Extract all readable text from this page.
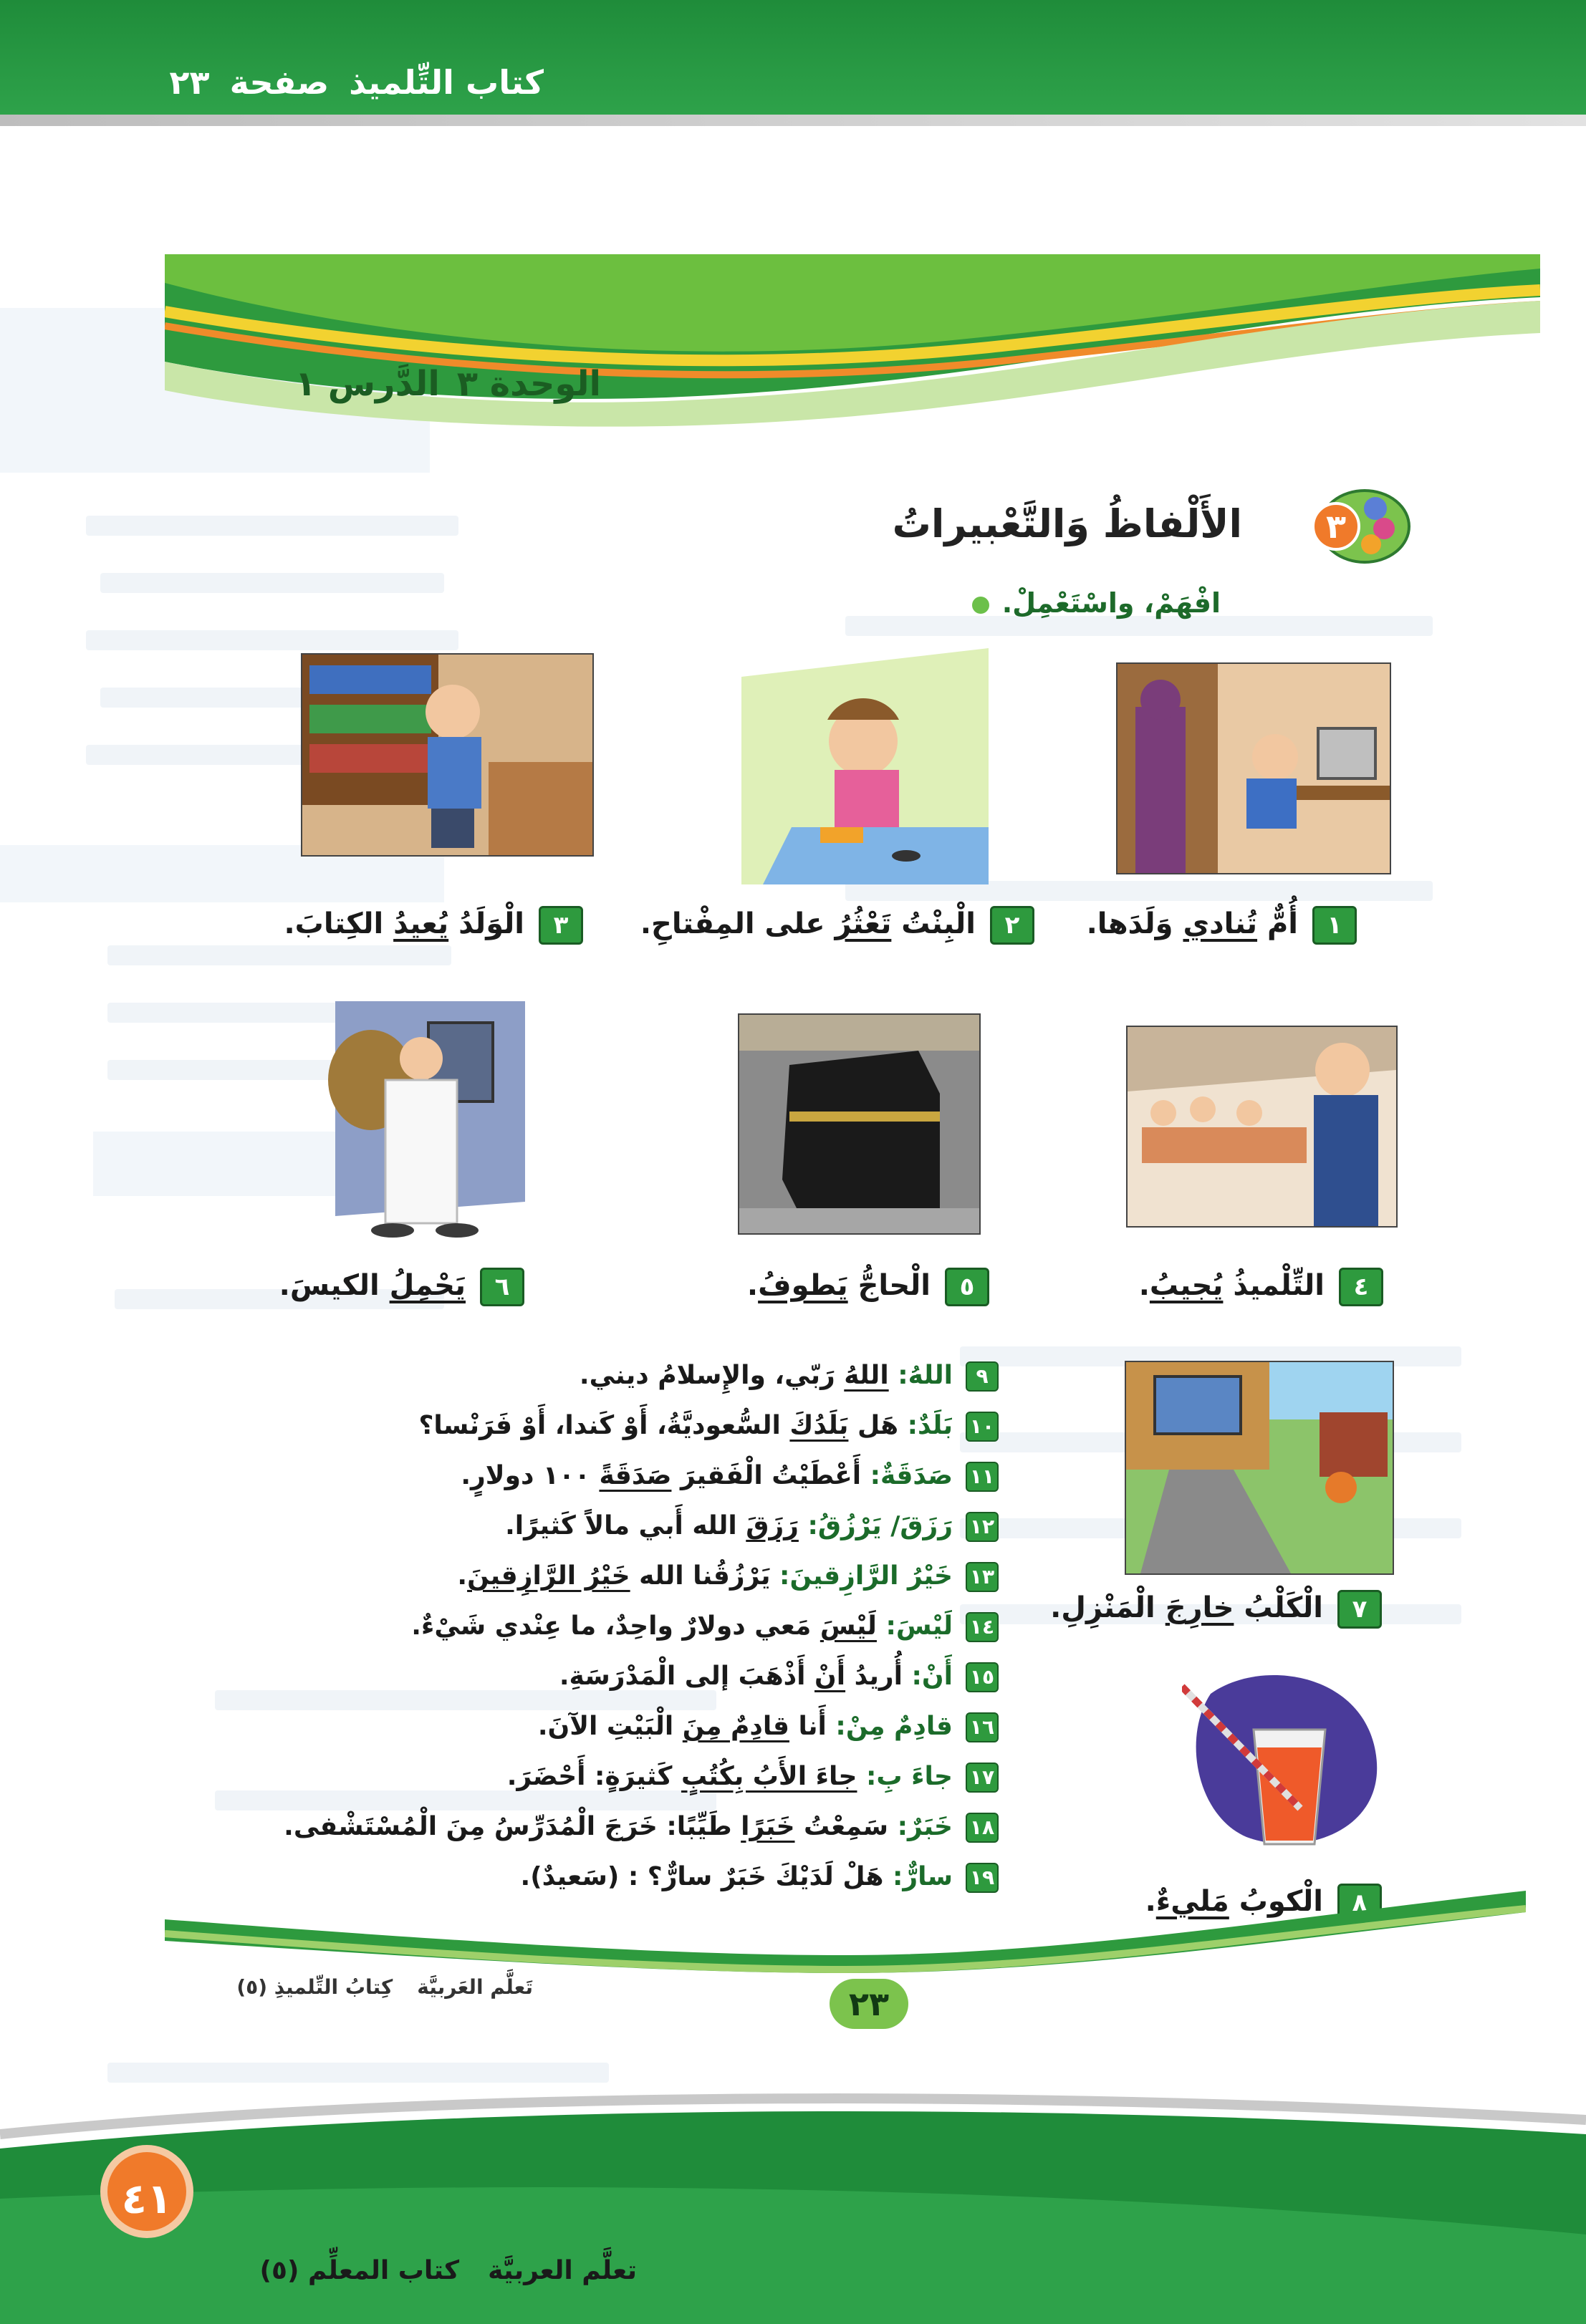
كتاب التِّلميذصفحة٢٣
الوحدة ٣الدَّرس ١
٣
الأَلْفاظُ وَالتَّعْبيراتُ
افْهَمْ، واسْتَعْمِلْ.
١أُمٌّ تُنادي وَلَدَها.
٢الْبِنْتُ تَعْثُرُ على المِفْتاحِ.
٣الْوَلَدُ يُعيدُ الكِتابَ.
٤التِّلْميذُ يُجيبُ.
٥الْحاجُّ يَطوفُ.
٦يَحْمِلُ الكيسَ.
٧الْكَلْبُ خارِجَ الْمَنْزِلِ.
٨الْكوبُ مَليءٌ.
٩اللهُ: اللهُ رَبّي، والإِسلامُ ديني.
١٠بَلَدٌ: هَل بَلَدُكَ السُّعوديَّةُ، أَوْ كَندا، أَوْ فَرَنْسا؟
١١صَدَقَةٌ: أَعْطَيْتُ الْفَقيرَ صَدَقَةً ١٠٠ دولارٍ.
١٢رَزَقَ/ يَرْزُقُ: رَزَقَ الله أَبي مالاً كَثيرًا.
١٣خَيْرُ الرَّازِقينَ: يَرْزُقُنا الله خَيْرُ الرَّازِقينَ.
١٤لَيْسَ: لَيْسَ مَعي دولارٌ واحِدٌ، ما عِنْدي شَيْءٌ.
١٥أَنْ: أُريدُ أَنْ أَذْهَبَ إلى الْمَدْرَسَةِ.
١٦قادِمٌ مِنْ: أَنا قادِمٌ مِنَ الْبَيْتِ الآنَ.
١٧جاءَ بِ: جاءَ الأَبُ بِكُتُبٍ كَثيرَةٍ: أَحْضَرَ.
١٨خَبَرٌ: سَمِعْتُ خَبَرًا طَيِّبًا: خَرَجَ الْمُدَرِّسُ مِنَ الْمُسْتَشْفى.
١٩سارٌّ: هَلْ لَدَيْكَ خَبَرٌ سارٌّ؟ : (سَعيدٌ).
٢٣
تَعلَّم العَربيَّةكِتابُ التِّلميذِ (٥)
٤١
تعلَّم العربيَّةكتاب المعلِّم (٥)
